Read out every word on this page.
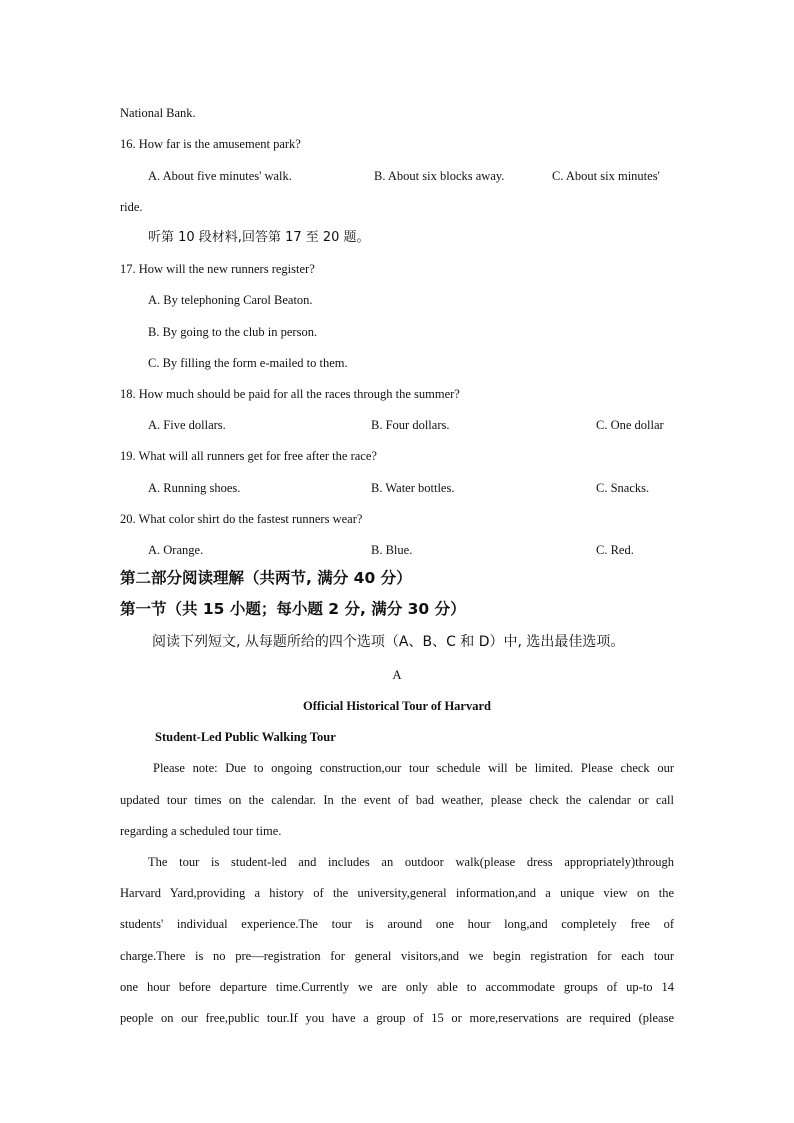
National Bank.
16. How far is the amusement park?
A. About five minutes' walk.	B. About six blocks away.	C. About six minutes'
ride.
听第 10 段材料,回答第 17 至 20 题。
17. How will the new runners register?
A. By telephoning Carol Beaton.
B. By going to the club in person.
C. By filling the form e-mailed to them.
18. How much should be paid for all the races through the summer?
A. Five dollars.	B. Four dollars.	C. One dollar
19. What will all runners get for free after the race?
A. Running shoes.	B. Water bottles.	C. Snacks.
20. What color shirt do the fastest runners wear?
A. Orange.	B. Blue.	C. Red.
第二部分阅读理解（共两节, 满分 40 分）
第一节（共 15 小题；每小题 2 分, 满分 30 分）
阅读下列短文, 从每题所给的四个选项（A、B、C 和 D）中, 选出最佳选项。
A
Official Historical Tour of Harvard
Student-Led Public Walking Tour
Please note: Due to ongoing construction,our tour schedule will be limited. Please check our
updated tour times on the calendar. In the event of bad weather, please check the calendar or call
regarding a scheduled tour time.
The tour is student-led and includes an outdoor walk(please dress appropriately)through
Harvard Yard,providing a history of the university,general information,and a unique view on the
students' individual experience.The tour is around one hour long,and completely free of
charge.There is no pre—registration for general visitors,and we begin registration for each tour
one hour before departure time.Currently we are only able to accommodate groups of up-to 14
people on our free,public tour.If you have a group of 15 or more,reservations are required (please
